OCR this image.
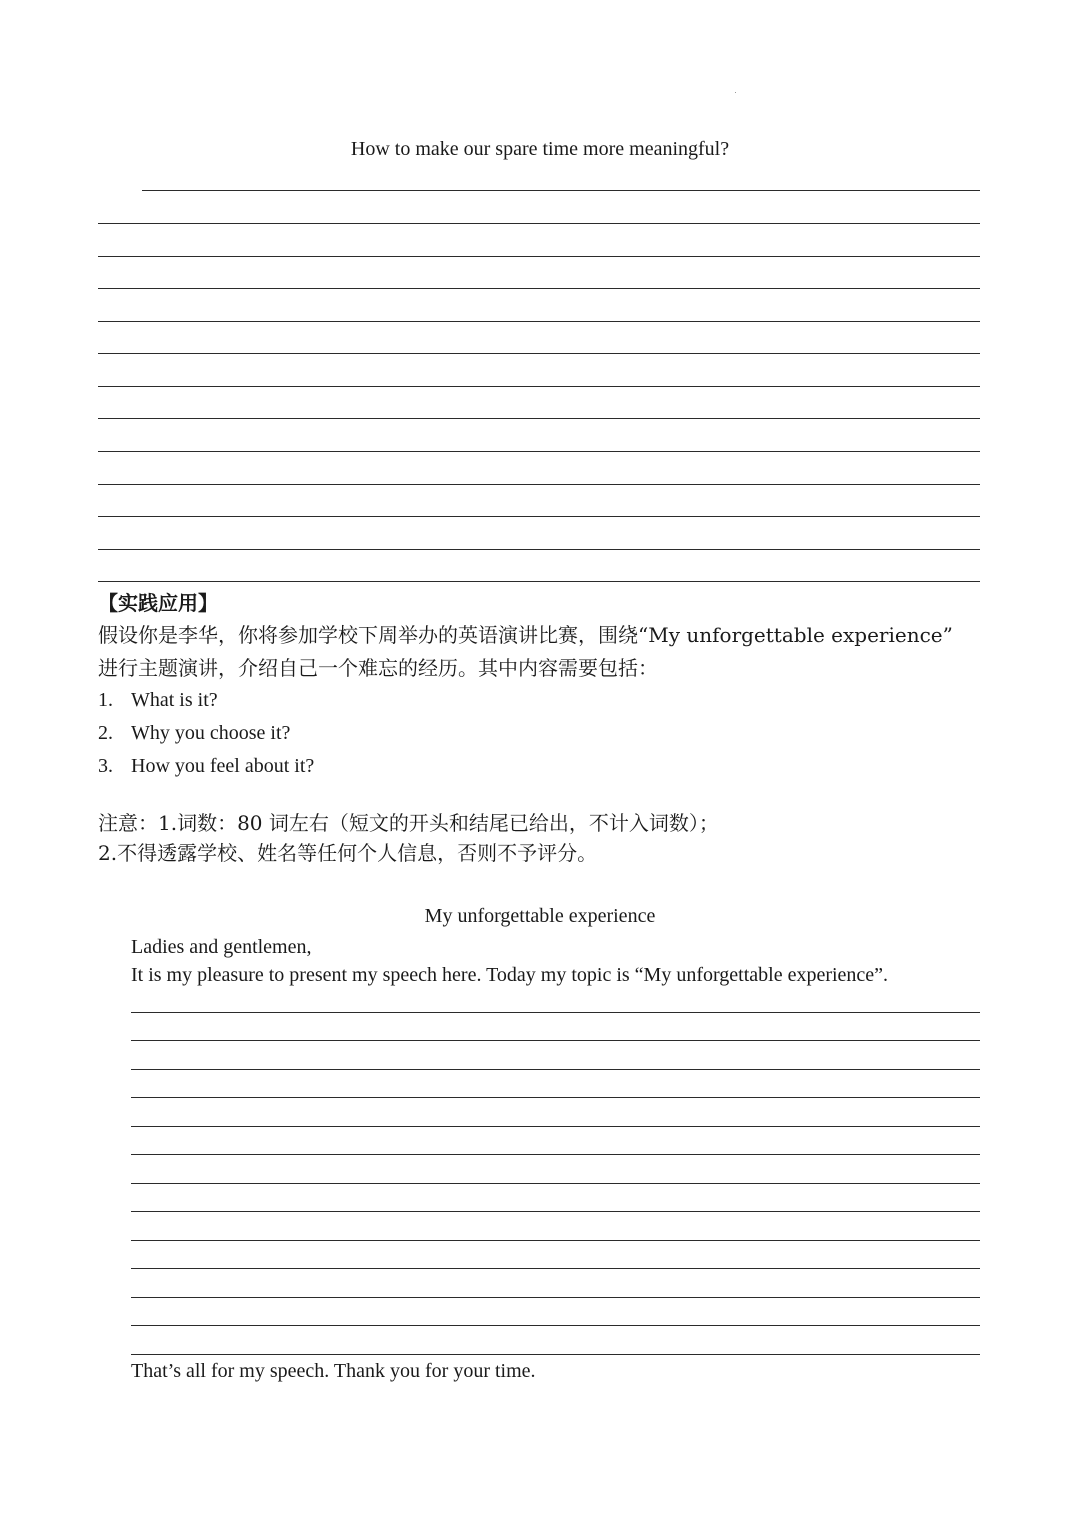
How to make our spare time more meaningful?
【实践应用】
假设你是李华，你将参加学校下周举办的英语演讲比赛，围绕“My unforgettable experience”
进行主题演讲，介绍自己一个难忘的经历。其中内容需要包括：
1. What is it?
2. Why you choose it?
3. How you feel about it?
注意：1.词数：80 词左右（短文的开头和结尾已给出，不计入词数）；
2.不得透露学校、姓名等任何个人信息，否则不予评分。
My unforgettable experience
Ladies and gentlemen,
It is my pleasure to present my speech here. Today my topic is “My unforgettable experience”.
That’s all for my speech. Thank you for your time.
